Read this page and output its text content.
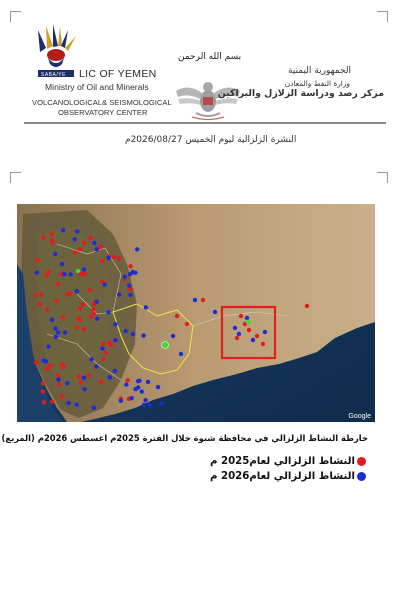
SABA/YE LIC OF YEMEN
Ministry of Oil and Minerals
VOLCANOLOGICAL& SEISMOLOGICAL
OBSERVATORY CENTER
بسم الله الرحمن
الجمهورية اليمنية
وزارة النفط والمعادن
مركز رصد ودراسة الزلازل والبراكين
النشرة الزلزالية ليوم الخميس 2026/08/27م
Google
خارطة النشاط الزلزالي في محافظة شبوة خلال الفترة 2025م اغسطس 2026م (المربع)
النشاط الزلزالي لعام2025 م
النشاط الزلزالي لعام2026 م
